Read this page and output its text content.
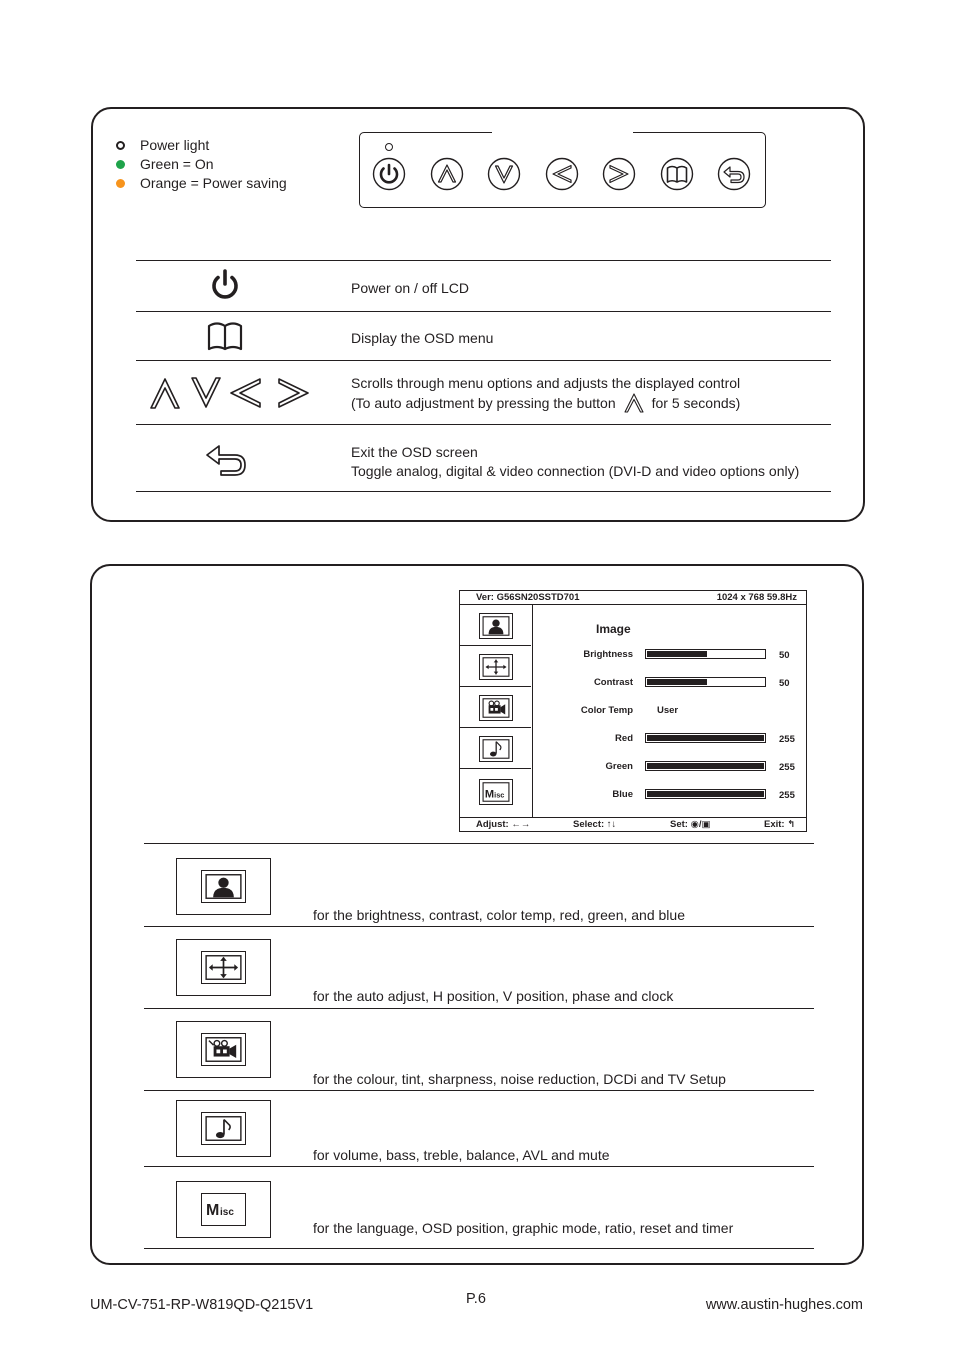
Power light
Green = On
Orange = Power saving
Power on / off LCD
Display the OSD menu
Scrolls through menu options and adjusts the displayed control
(To auto adjustment by pressing the button	for 5 seconds)
Exit the OSD screen
Toggle analog, digital & video connection (DVI-D and video options only)
Ver: G56SN20SSTD701	1024 x 768 59.8Hz
M isc
Image
Brightness	50
Contrast	50
Color Temp	User
Red	255
Green	255
Blue	255
Adjust: ←→	Select: ↑↓	Set: ◉/▣	Exit: ↰
for the brightness, contrast, color temp, red, green, and blue
for the auto adjust, H position, V position, phase and clock
for the colour, tint, sharpness, noise reduction, DCDi and TV Setup
for volume, bass, treble, balance, AVL and mute
M isc
for the language, OSD position, graphic mode, ratio, reset and timer
UM-CV-751-RP-W819QD-Q215V1	P.6	www.austin-hughes.com
